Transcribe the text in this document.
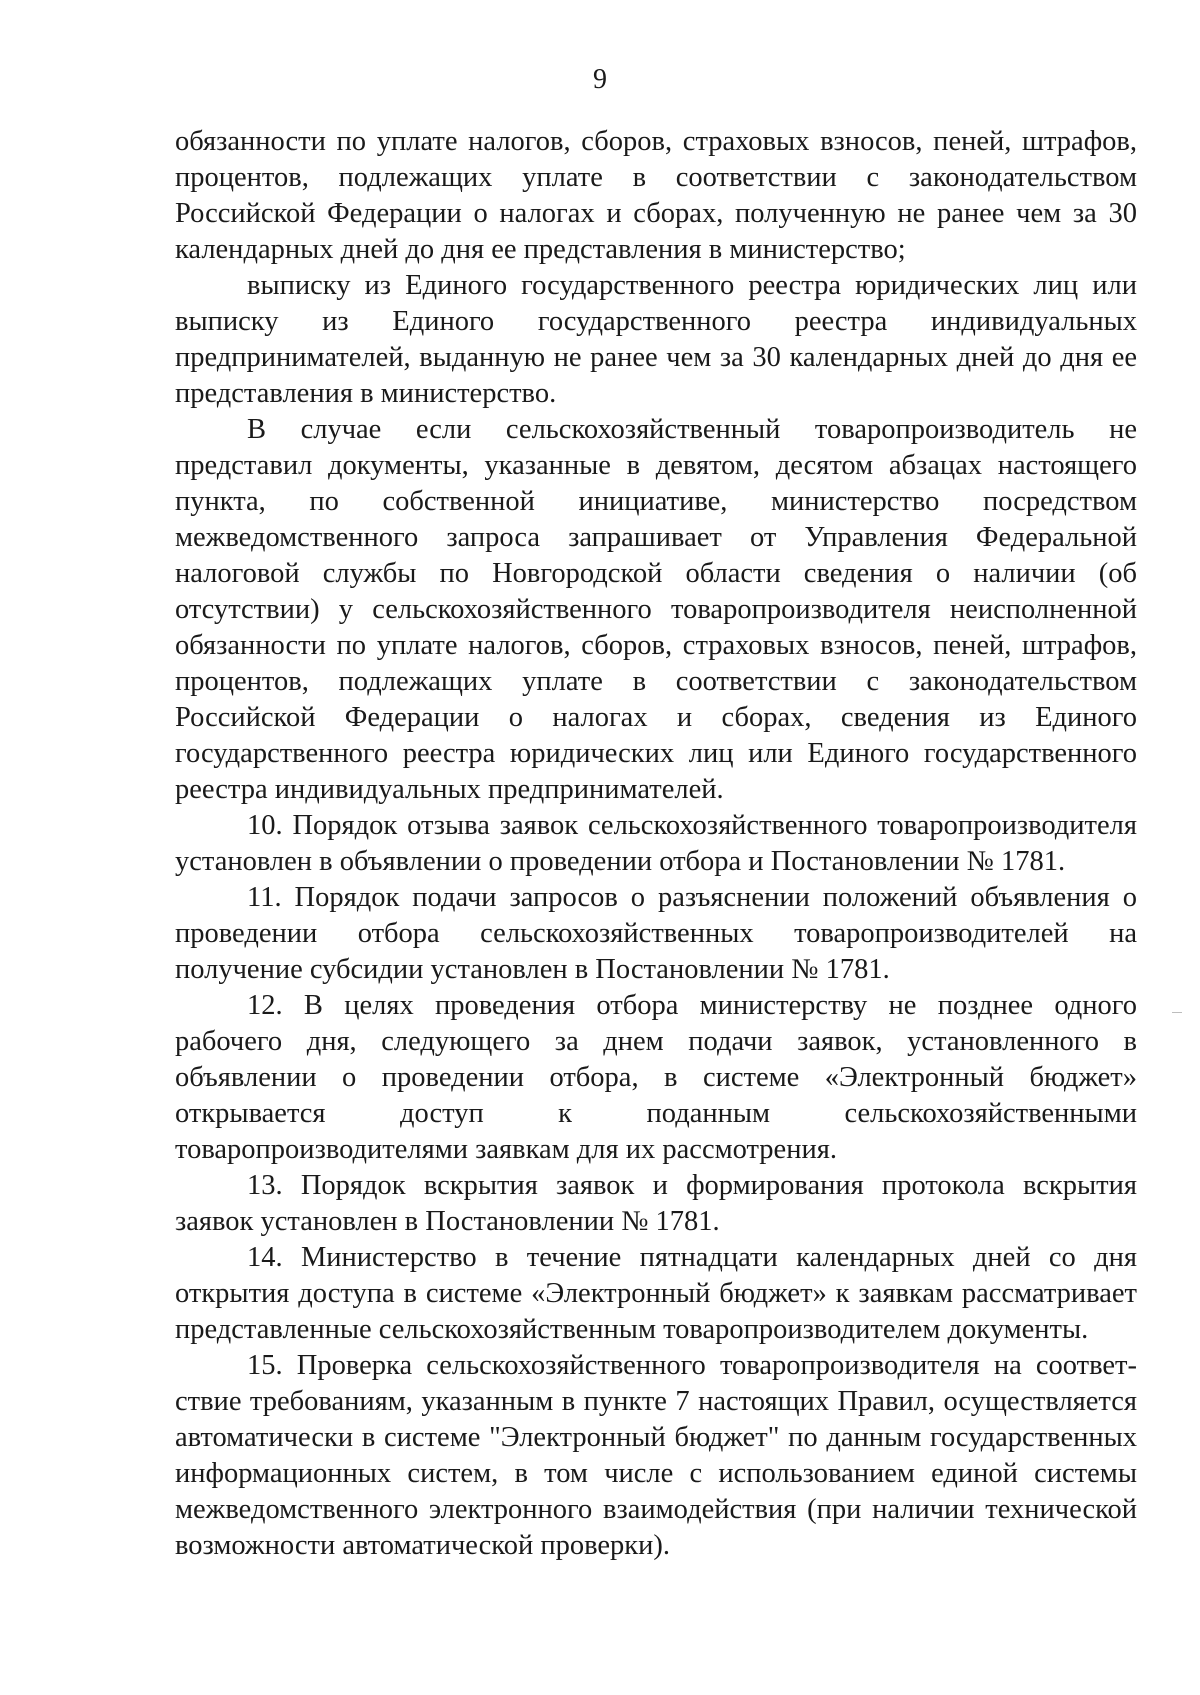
9

обязанности по уплате налогов, сборов, страховых взносов, пеней, штрафов, процентов, подлежащих уплате в соответствии с законодательством Российской Федерации о налогах и сборах, полученную не ранее чем за 30 календарных дней до дня ее представления в министерство;

выписку из Единого государственного реестра юридических лиц или выписку из Единого государственного реестра индивидуальных предпринимателей, выданную не ранее чем за 30 календарных дней до дня ее представления в министерство.

В случае если сельскохозяйственный товаропроизводитель не представил документы, указанные в девятом, десятом абзацах настоящего пункта, по собственной инициативе, министерство посредством межведомственного запроса запрашивает от Управления Федеральной налоговой службы по Новгородской области сведения о наличии (об отсутствии) у сельскохозяйственного товаропроизводителя неисполненной обязанности по уплате налогов, сборов, страховых взносов, пеней, штрафов, процентов, подлежащих уплате в соответствии с законодательством Российской Федерации о налогах и сборах, сведения из Единого государственного реестра юридических лиц или Единого государственного реестра индивидуальных предпринимателей.

10. Порядок отзыва заявок сельскохозяйственного товаропроизводителя установлен в объявлении о проведении отбора и Постановлении № 1781.

11. Порядок подачи запросов о разъяснении положений объявления о проведении отбора сельскохозяйственных товаропроизводителей на получение субсидии установлен в Постановлении № 1781.

12. В целях проведения отбора министерству не позднее одного рабочего дня, следующего за днем подачи заявок, установленного в объявлении о проведении отбора, в системе «Электронный бюджет» открывается доступ к поданным сельскохозяйственными товаропроизводителями заявкам для их рассмотрения.

13. Порядок вскрытия заявок и формирования протокола вскрытия заявок установлен в Постановлении № 1781.

14. Министерство в течение пятнадцати календарных дней со дня открытия доступа в системе «Электронный бюджет» к заявкам рассматривает представленные сельскохозяйственным товаропроизводителем документы.

15. Проверка сельскохозяйственного товаропроизводителя на соответ-ствие требованиям, указанным в пункте 7 настоящих Правил, осуществляется автоматически в системе "Электронный бюджет" по данным государственных информационных систем, в том числе с использованием единой системы межведомственного электронного взаимодействия (при наличии технической возможности автоматической проверки).
